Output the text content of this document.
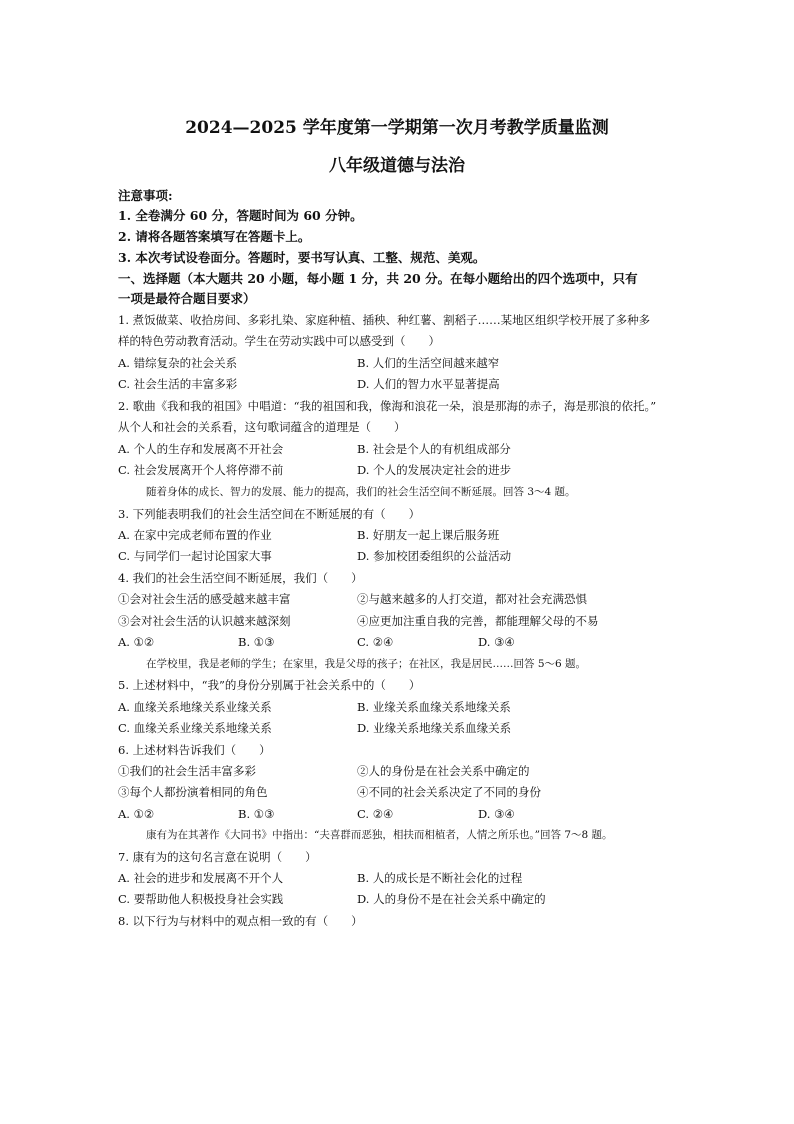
2024—2025 学年度第一学期第一次月考教学质量监测
八年级道德与法治
注意事项:
1. 全卷满分 60 分，答题时间为 60 分钟。
2. 请将各题答案填写在答题卡上。
3. 本次考试设卷面分。答题时，要书写认真、工整、规范、美观。
一、选择题（本大题共 20 小题，每小题 1 分，共 20 分。在每小题给出的四个选项中，只有
一项是最符合题目要求）
1. 煮饭做菜、收拾房间、多彩扎染、家庭种植、插秧、种红薯、割稻子……某地区组织学校开展了多种多
样的特色劳动教育活动。学生在劳动实践中可以感受到（　　）
A. 错综复杂的社会关系	B. 人们的生活空间越来越窄
C. 社会生活的丰富多彩	D. 人们的智力水平显著提高
2. 歌曲《我和我的祖国》中唱道：“我的祖国和我，像海和浪花一朵，浪是那海的赤子，海是那浪的依托。”
从个人和社会的关系看，这句歌词蕴含的道理是（　　）
A. 个人的生存和发展离不开社会	B. 社会是个人的有机组成部分
C. 社会发展离开个人将停滞不前	D. 个人的发展决定社会的进步
随着身体的成长、智力的发展、能力的提高，我们的社会生活空间不断延展。回答 3～4 题。
3. 下列能表明我们的社会生活空间在不断延展的有（　　）
A. 在家中完成老师布置的作业	B. 好朋友一起上课后服务班
C. 与同学们一起讨论国家大事	D. 参加校团委组织的公益活动
4. 我们的社会生活空间不断延展，我们（　　）
①会对社会生活的感受越来越丰富	②与越来越多的人打交道，都对社会充满恐惧
③会对社会生活的认识越来越深刻	④应更加注重自我的完善，都能理解父母的不易
A. ①②	B. ①③	C. ②④	D. ③④
在学校里，我是老师的学生；在家里，我是父母的孩子；在社区，我是居民……回答 5～6 题。
5. 上述材料中，“我”的身份分别属于社会关系中的（　　）
A. 血缘关系地缘关系业缘关系	B. 业缘关系血缘关系地缘关系
C. 血缘关系业缘关系地缘关系	D. 业缘关系地缘关系血缘关系
6. 上述材料告诉我们（　　）
①我们的社会生活丰富多彩	②人的身份是在社会关系中确定的
③每个人都扮演着相同的角色	④不同的社会关系决定了不同的身份
A. ①②	B. ①③	C. ②④	D. ③④
康有为在其著作《大同书》中指出：“夫喜群而恶独，相扶而相植者，人情之所乐也。”回答 7～8 题。
7. 康有为的这句名言意在说明（　　）
A. 社会的进步和发展离不开个人	B. 人的成长是不断社会化的过程
C. 要帮助他人积极投身社会实践	D. 人的身份不是在社会关系中确定的
8. 以下行为与材料中的观点相一致的有（　　）
